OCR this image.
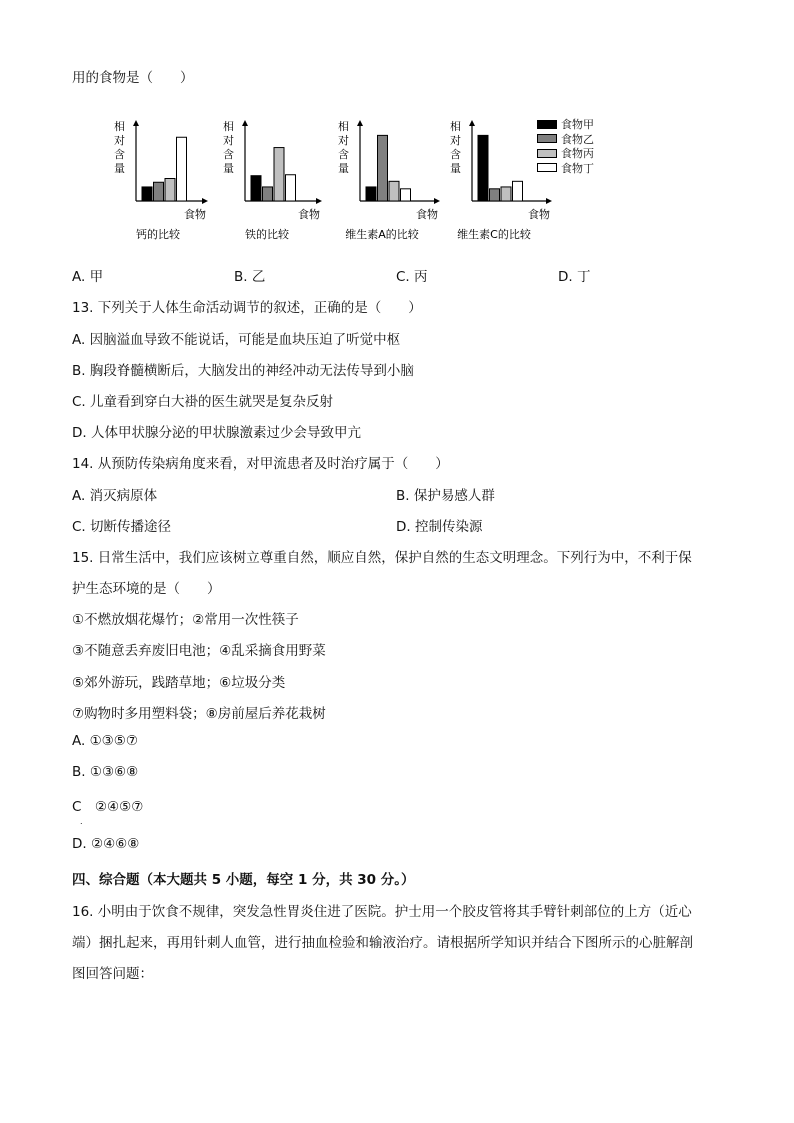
用的食物是（　　）
相
对
含
量
食物
钙的比较
相
对
含
量
食物
铁的比较
相
对
含
量
食物
维生素A的比较
相
对
含
量
食物
维生素C的比较
食物甲
食物乙
食物丙
食物丁
A. 甲	B. 乙	C. 丙	D. 丁
13. 下列关于人体生命活动调节的叙述，正确的是（　　）
A. 因脑溢血导致不能说话，可能是血块压迫了听觉中枢
B. 胸段脊髓横断后，大脑发出的神经冲动无法传导到小脑
C. 儿童看到穿白大褂的医生就哭是复杂反射
D. 人体甲状腺分泌的甲状腺激素过少会导致甲亢
14. 从预防传染病角度来看，对甲流患者及时治疗属于（　　）
A. 消灭病原体	B. 保护易感人群
C. 切断传播途径	D. 控制传染源
15. 日常生活中，我们应该树立尊重自然，顺应自然，保护自然的生态文明理念。下列行为中，不利于保
护生态环境的是（　　）
①不燃放烟花爆竹；②常用一次性筷子
③不随意丢弃废旧电池；④乱采摘食用野菜
⑤郊外游玩，践踏草地；⑥垃圾分类
⑦购物时多用塑料袋；⑧房前屋后养花栽树
A. ①③⑤⑦
B. ①③⑥⑧
C　②④⑤⑦
.
D. ②④⑥⑧
四、综合题（本大题共 5 小题，每空 1 分，共 30 分。）
16. 小明由于饮食不规律，突发急性胃炎住进了医院。护士用一个胶皮管将其手臂针刺部位的上方（近心
端）捆扎起来，再用针刺人血管，进行抽血检验和输液治疗。请根据所学知识并结合下图所示的心脏解剖
图回答问题：
